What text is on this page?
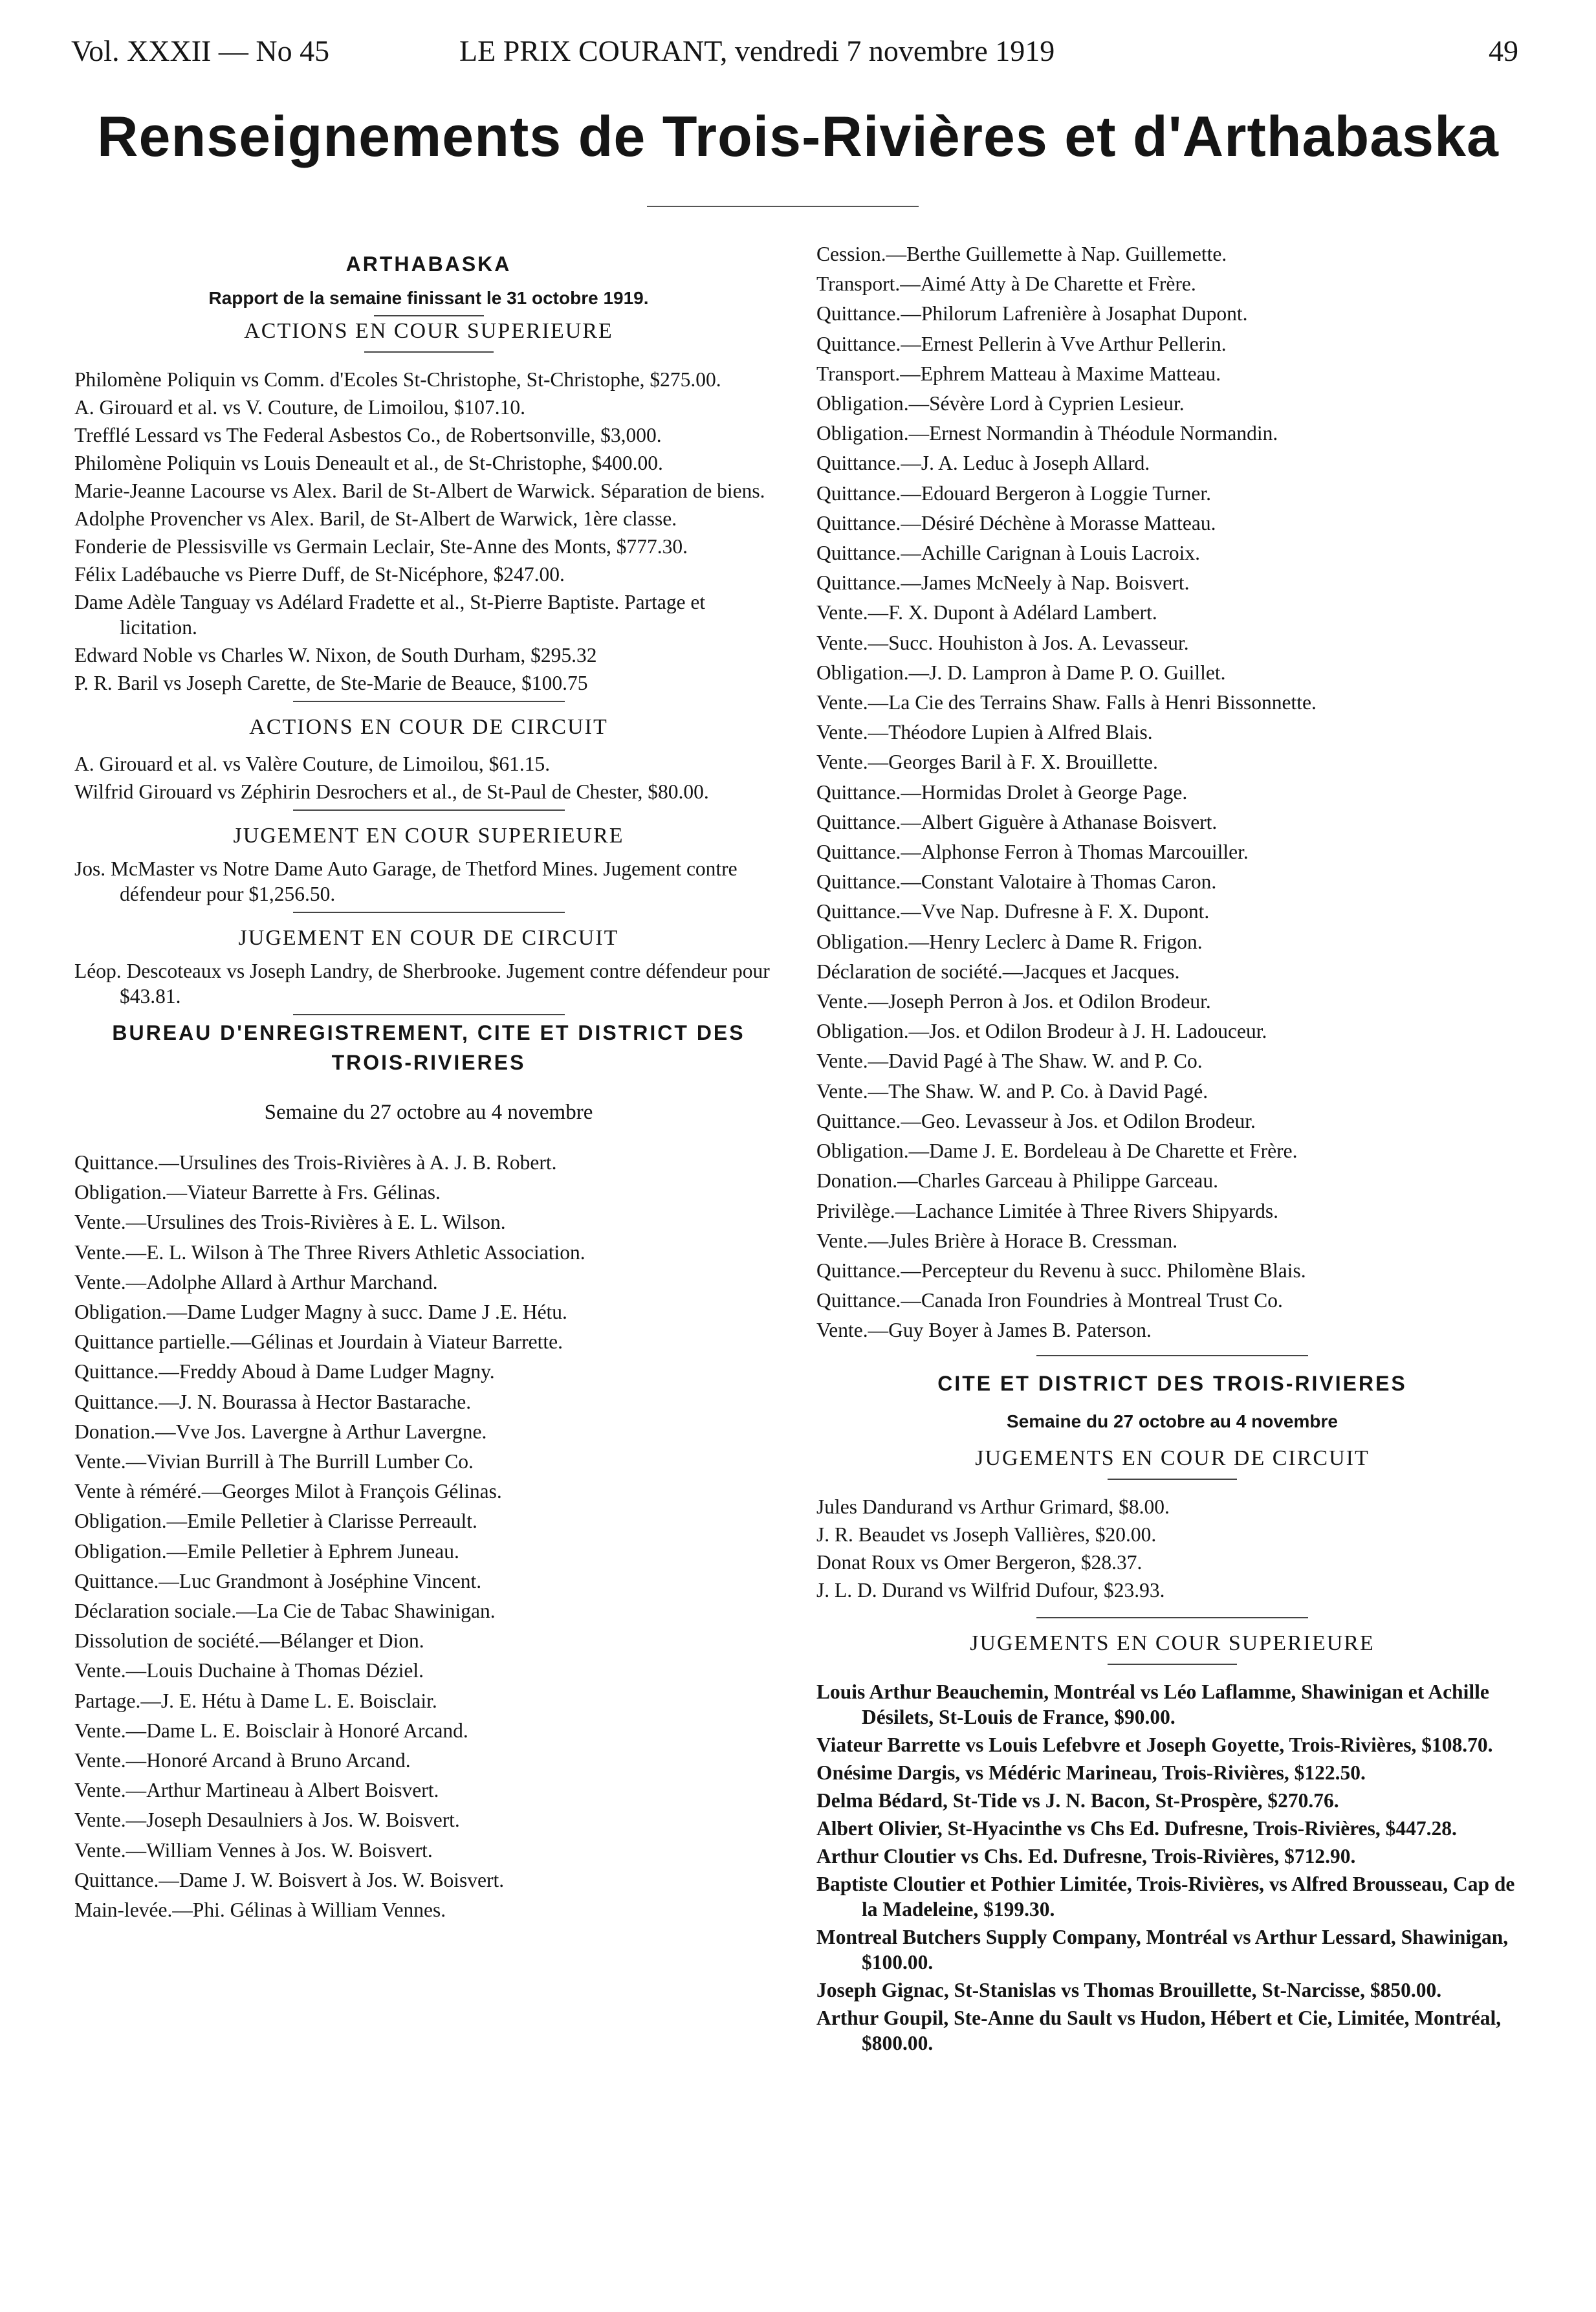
Vol. XXXII — No 45	LE PRIX COURANT, vendredi 7 novembre 1919	49
Renseignements de Trois-Rivières et d'Arthabaska
ARTHABASKA
Rapport de la semaine finissant le 31 octobre 1919.
ACTIONS EN COUR SUPERIEURE
Philomène Poliquin vs Comm. d'Ecoles St-Christophe, St-Christophe, $275.00.
A. Girouard et al. vs V. Couture, de Limoilou, $107.10.
Trefflé Lessard vs The Federal Asbestos Co., de Robertsonville, $3,000.
Philomène Poliquin vs Louis Deneault et al., de St-Christophe, $400.00.
Marie-Jeanne Lacourse vs Alex. Baril de St-Albert de Warwick. Séparation de biens.
Adolphe Provencher vs Alex. Baril, de St-Albert de Warwick, 1ère classe.
Fonderie de Plessisville vs Germain Leclair, Ste-Anne des Monts, $777.30.
Félix Ladébauche vs Pierre Duff, de St-Nicéphore, $247.00.
Dame Adèle Tanguay vs Adélard Fradette et al., St-Pierre Baptiste. Partage et licitation.
Edward Noble vs Charles W. Nixon, de South Durham, $295.32
P. R. Baril vs Joseph Carette, de Ste-Marie de Beauce, $100.75
ACTIONS EN COUR DE CIRCUIT
A. Girouard et al. vs Valère Couture, de Limoilou, $61.15.
Wilfrid Girouard vs Zéphirin Desrochers et al., de St-Paul de Chester, $80.00.
JUGEMENT EN COUR SUPERIEURE
Jos. McMaster vs Notre Dame Auto Garage, de Thetford Mines. Jugement contre défendeur pour $1,256.50.
JUGEMENT EN COUR DE CIRCUIT
Léop. Descoteaux vs Joseph Landry, de Sherbrooke. Jugement contre défendeur pour $43.81.
BUREAU D'ENREGISTREMENT, CITE ET DISTRICT DES TROIS-RIVIERES
Semaine du 27 octobre au 4 novembre
Quittance.—Ursulines des Trois-Rivières à A. J. B. Robert.
Obligation.—Viateur Barrette à Frs. Gélinas.
Vente.—Ursulines des Trois-Rivières à E. L. Wilson.
Vente.—E. L. Wilson à The Three Rivers Athletic Association.
Vente.—Adolphe Allard à Arthur Marchand.
Obligation.—Dame Ludger Magny à succ. Dame J .E. Hétu.
Quittance partielle.—Gélinas et Jourdain à Viateur Barrette.
Quittance.—Freddy Aboud à Dame Ludger Magny.
Quittance.—J. N. Bourassa à Hector Bastarache.
Donation.—Vve Jos. Lavergne à Arthur Lavergne.
Vente.—Vivian Burrill à The Burrill Lumber Co.
Vente à réméré.—Georges Milot à François Gélinas.
Obligation.—Emile Pelletier à Clarisse Perreault.
Obligation.—Emile Pelletier à Ephrem Juneau.
Quittance.—Luc Grandmont à Joséphine Vincent.
Déclaration sociale.—La Cie de Tabac Shawinigan.
Dissolution de société.—Bélanger et Dion.
Vente.—Louis Duchaine à Thomas Déziel.
Partage.—J. E. Hétu à Dame L. E. Boisclair.
Vente.—Dame L. E. Boisclair à Honoré Arcand.
Vente.—Honoré Arcand à Bruno Arcand.
Vente.—Arthur Martineau à Albert Boisvert.
Vente.—Joseph Desaulniers à Jos. W. Boisvert.
Vente.—William Vennes à Jos. W. Boisvert.
Quittance.—Dame J. W. Boisvert à Jos. W. Boisvert.
Main-levée.—Phi. Gélinas à William Vennes.
Cession.—Berthe Guillemette à Nap. Guillemette.
Transport.—Aimé Atty à De Charette et Frère.
Quittance.—Philorum Lafrenière à Josaphat Dupont.
Quittance.—Ernest Pellerin à Vve Arthur Pellerin.
Transport.—Ephrem Matteau à Maxime Matteau.
Obligation.—Sévère Lord à Cyprien Lesieur.
Obligation.—Ernest Normandin à Théodule Normandin.
Quittance.—J. A. Leduc à Joseph Allard.
Quittance.—Edouard Bergeron à Loggie Turner.
Quittance.—Désiré Déchène à Morasse Matteau.
Quittance.—Achille Carignan à Louis Lacroix.
Quittance.—James McNeely à Nap. Boisvert.
Vente.—F. X. Dupont à Adélard Lambert.
Vente.—Succ. Houhiston à Jos. A. Levasseur.
Obligation.—J. D. Lampron à Dame P. O. Guillet.
Vente.—La Cie des Terrains Shaw. Falls à Henri Bissonnette.
Vente.—Théodore Lupien à Alfred Blais.
Vente.—Georges Baril à F. X. Brouillette.
Quittance.—Hormidas Drolet à George Page.
Quittance.—Albert Giguère à Athanase Boisvert.
Quittance.—Alphonse Ferron à Thomas Marcouiller.
Quittance.—Constant Valotaire à Thomas Caron.
Quittance.—Vve Nap. Dufresne à F. X. Dupont.
Obligation.—Henry Leclerc à Dame R. Frigon.
Déclaration de société.—Jacques et Jacques.
Vente.—Joseph Perron à Jos. et Odilon Brodeur.
Obligation.—Jos. et Odilon Brodeur à J. H. Ladouceur.
Vente.—David Pagé à The Shaw. W. and P. Co.
Vente.—The Shaw. W. and P. Co. à David Pagé.
Quittance.—Geo. Levasseur à Jos. et Odilon Brodeur.
Obligation.—Dame J. E. Bordeleau à De Charette et Frère.
Donation.—Charles Garceau à Philippe Garceau.
Privilège.—Lachance Limitée à Three Rivers Shipyards.
Vente.—Jules Brière à Horace B. Cressman.
Quittance.—Percepteur du Revenu à succ. Philomène Blais.
Quittance.—Canada Iron Foundries à Montreal Trust Co.
Vente.—Guy Boyer à James B. Paterson.
CITE ET DISTRICT DES TROIS-RIVIERES
Semaine du 27 octobre au 4 novembre
JUGEMENTS EN COUR DE CIRCUIT
Jules Dandurand vs Arthur Grimard, $8.00.
J. R. Beaudet vs Joseph Vallières, $20.00.
Donat Roux vs Omer Bergeron, $28.37.
J. L. D. Durand vs Wilfrid Dufour, $23.93.
JUGEMENTS EN COUR SUPERIEURE
Louis Arthur Beauchemin, Montréal vs Léo Laflamme, Shawinigan et Achille Désilets, St-Louis de France, $90.00.
Viateur Barrette vs Louis Lefebvre et Joseph Goyette, Trois-Rivières, $108.70.
Onésime Dargis, vs Médéric Marineau, Trois-Rivières, $122.50.
Delma Bédard, St-Tide vs J. N. Bacon, St-Prospère, $270.76.
Albert Olivier, St-Hyacinthe vs Chs Ed. Dufresne, Trois-Rivières, $447.28.
Arthur Cloutier vs Chs. Ed. Dufresne, Trois-Rivières, $712.90.
Baptiste Cloutier et Pothier Limitée, Trois-Rivières, vs Alfred Brousseau, Cap de la Madeleine, $199.30.
Montreal Butchers Supply Company, Montréal vs Arthur Lessard, Shawinigan, $100.00.
Joseph Gignac, St-Stanislas vs Thomas Brouillette, St-Narcisse, $850.00.
Arthur Goupil, Ste-Anne du Sault vs Hudon, Hébert et Cie, Limitée, Montréal, $800.00.
